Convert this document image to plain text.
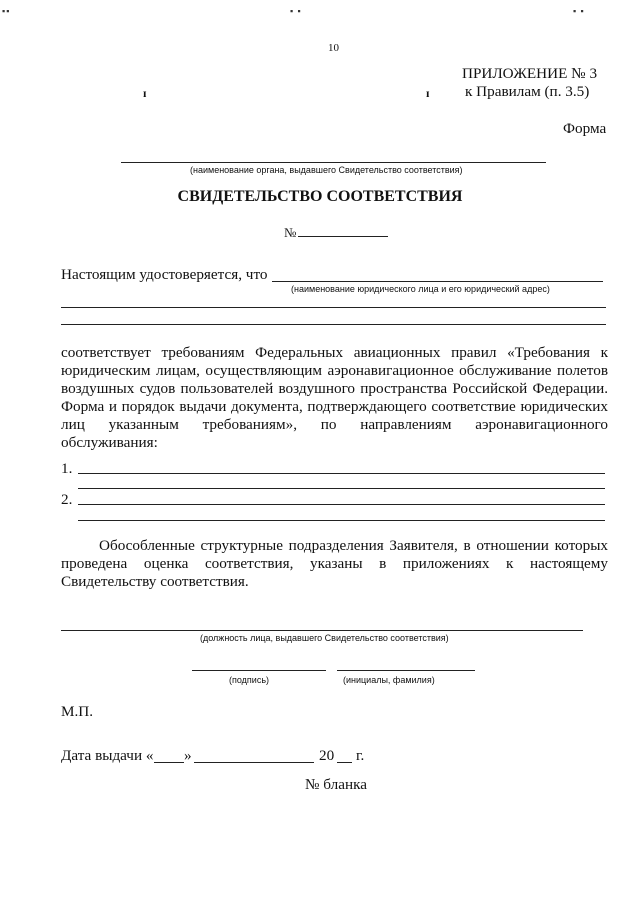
▪▪	▪ ▪	▪ ▪
ɪ	ɪ
10
ПРИЛОЖЕНИЕ № 3
к Правилам (п. 3.5)
Форма
(наименование органа, выдавшего Свидетельство соответствия)
СВИДЕТЕЛЬСТВО СООТВЕТСТВИЯ
№
Настоящим удостоверяется, что
(наименование юридического лица и его юридический адрес)
соответствует требованиям Федеральных авиационных правил «Требования к юридическим лицам, осуществляющим аэронавигационное обслуживание полетов воздушных судов пользователей воздушного пространства Российской Федерации. Форма и порядок выдачи документа, подтверждающего соответствие юридических лиц указанным требованиям», по направлениям аэронавигационного обслуживания:
1.
2.
Обособленные структурные подразделения Заявителя, в отношении которых проведена оценка соответствия, указаны в приложениях к настоящему Свидетельству соответствия.
(должность лица, выдавшего Свидетельство соответствия)
(подпись)	(инициалы, фамилия)
М.П.
Дата выдачи « »	20 г.
№ бланка
